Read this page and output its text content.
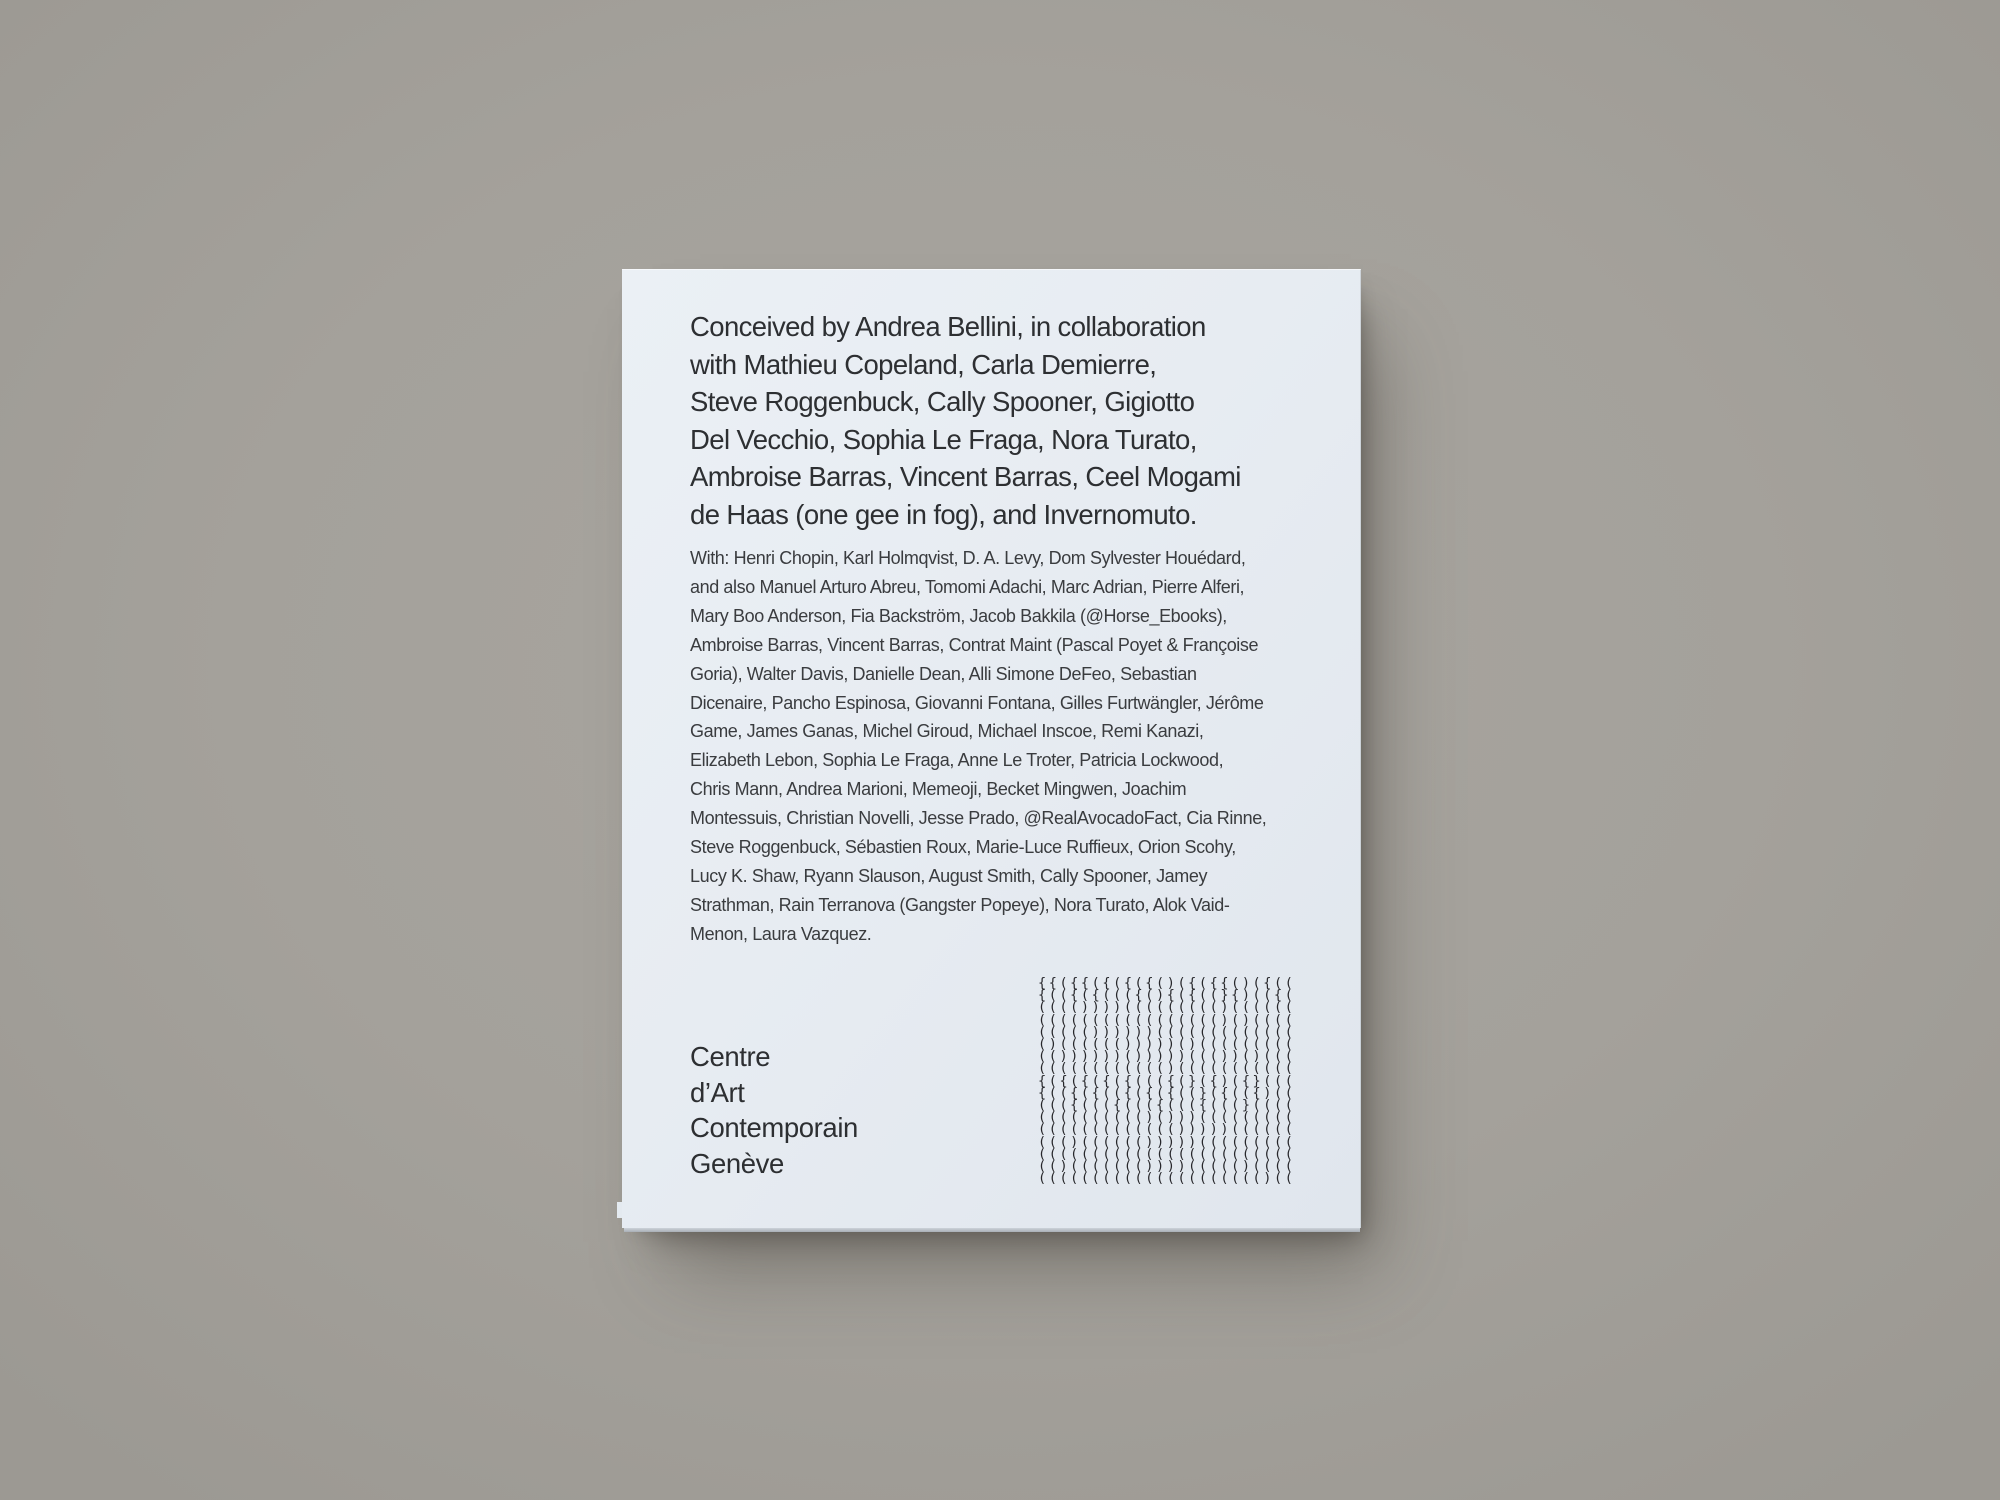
Conceived by Andrea Bellini, in collaboration
with Mathieu Copeland, Carla Demierre,
Steve Roggenbuck, Cally Spooner, Gigiotto
Del Vecchio, Sophia Le Fraga, Nora Turato,
Ambroise Barras, Vincent Barras, Ceel Mogami
de Haas (one gee in fog), and Invernomuto.
With: Henri Chopin, Karl Holmqvist, D. A. Levy, Dom Sylvester Houédard,
and also Manuel Arturo Abreu, Tomomi Adachi, Marc Adrian, Pierre Alferi,
Mary Boo Anderson, Fia Backström, Jacob Bakkila (@Horse_Ebooks),
Ambroise Barras, Vincent Barras, Contrat Maint (Pascal Poyet & Françoise
Goria), Walter Davis, Danielle Dean, Alli Simone DeFeo, Sebastian
Dicenaire, Pancho Espinosa, Giovanni Fontana, Gilles Furtwängler, Jérôme
Game, James Ganas, Michel Giroud, Michael Inscoe, Remi Kanazi,
Elizabeth Lebon, Sophia Le Fraga, Anne Le Troter, Patricia Lockwood,
Chris Mann, Andrea Marioni, Memeoji, Becket Mingwen, Joachim
Montessuis, Christian Novelli, Jesse Prado, @RealAvocadoFact, Cia Rinne,
Steve Roggenbuck, Sébastien Roux, Marie-Luce Ruffieux, Orion Scohy,
Lucy K. Shaw, Ryann Slauson, August Smith, Cally Spooner, Jamey
Strathman, Rain Terranova (Gangster Popeye), Nora Turato, Alok Vaid-
Menon, Laura Vazquez.
Centre
d’Art
Contemporain
Genève
{{({{({({({()({({{()({((
{(({({((({(){({((}{)(({(
(((())))((((((((()((((((
((((((((((((((((()()((((
((((())))))(((((((((((((
()(((((()))))()(((((((((
(())))))()))))((())()(((
(((((((((((()(((((((((((
{({({({({((({(}({)({}(((
{(({({(({({({((}({(({)((
((({((({((({((({(((}((((
(((((((((()()))(((((((((
((((((((((((()))))((((((
((()(((((()))))(((((((((
((((((((((((((((((((((((
(()((((((())))((((()((((
((((((((((((((((((((()((
